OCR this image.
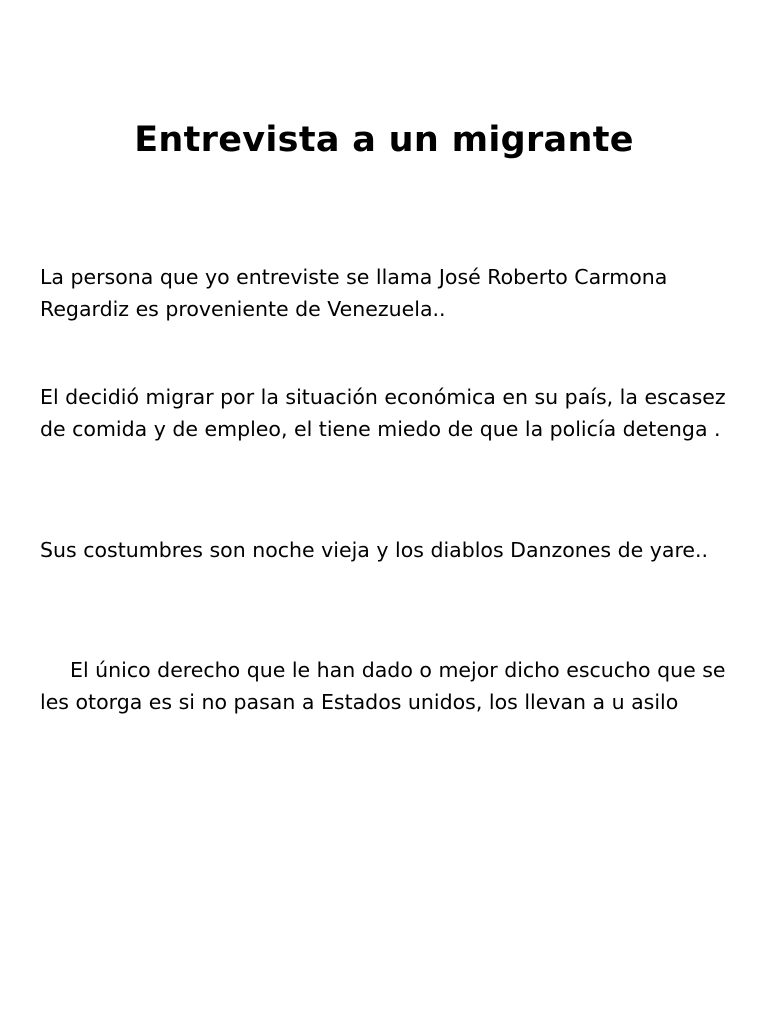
Entrevista a un migrante

La persona que yo entreviste se llama José Roberto Carmona Regardiz es proveniente de Venezuela..

El decidió migrar por la situación económica en su país, la escasez de comida y de empleo, el tiene miedo de que la policía detenga .

Sus costumbres son noche vieja y los diablos Danzones de yare..

El único derecho que le han dado o mejor dicho escucho que se les otorga es si no pasan a Estados unidos, los llevan a u asilo
